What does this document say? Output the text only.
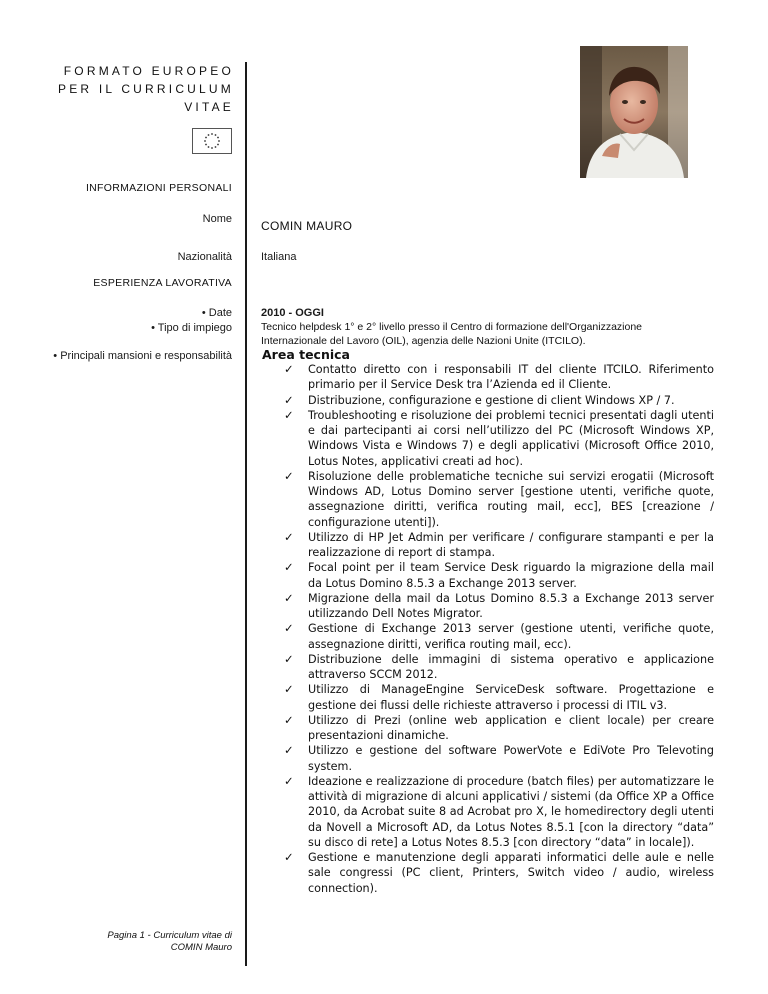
FORMATO EUROPEO
PER IL CURRICULUM
VITAE
INFORMAZIONI PERSONALI
Nome COMIN MAURO
Nazionalità	Italiana
ESPERIENZA LAVORATIVA
• Date
• Tipo di impiego
• Principali mansioni e responsabilità
2010 - OGGI
Tecnico helpdesk 1° e 2° livello presso il Centro di formazione dell'Organizzazione Internazionale del Lavoro (OIL), agenzia delle Nazioni Unite (ITCILO).
Area tecnica
✓ Contatto diretto con i responsabili IT del cliente ITCILO. Riferimento primario per il Service Desk tra l’Azienda ed il Cliente.
✓ Distribuzione, configurazione e gestione di client Windows XP / 7.
✓ Troubleshooting e risoluzione dei problemi tecnici presentati dagli utenti e dai partecipanti ai corsi nell’utilizzo del PC (Microsoft Windows XP, Windows Vista e Windows 7) e degli applicativi (Microsoft Office 2010, Lotus Notes, applicativi creati ad hoc).
✓ Risoluzione delle problematiche tecniche sui servizi erogatii (Microsoft Windows AD, Lotus Domino server [gestione utenti, verifiche quote, assegnazione diritti, verifica routing mail, ecc], BES [creazione / configurazione utenti]).
✓ Utilizzo di HP Jet Admin per verificare / configurare stampanti e per la realizzazione di report di stampa.
✓ Focal point per il team Service Desk riguardo la migrazione della mail da Lotus Domino 8.5.3 a Exchange 2013 server.
✓ Migrazione della mail da Lotus Domino 8.5.3 a Exchange 2013 server utilizzando Dell Notes Migrator.
✓ Gestione di Exchange 2013 server (gestione utenti, verifiche quote, assegnazione diritti, verifica routing mail, ecc).
✓ Distribuzione delle immagini di sistema operativo e applicazione attraverso SCCM 2012.
✓ Utilizzo di ManageEngine ServiceDesk software. Progettazione e gestione dei flussi delle richieste attraverso i processi di ITIL v3.
✓ Utilizzo di Prezi (online web application e client locale) per creare presentazioni dinamiche.
✓ Utilizzo e gestione del software PowerVote e EdiVote Pro Televoting system.
✓ Ideazione e realizzazione di procedure (batch files) per automatizzare le attività di migrazione di alcuni applicativi / sistemi (da Office XP a Office 2010, da Acrobat suite 8 ad Acrobat pro X, le homedirectory degli utenti da Novell a Microsoft AD, da Lotus Notes 8.5.1 [con la directory “data” su disco di rete] a Lotus Notes 8.5.3 [con directory “data” in locale]).
✓ Gestione e manutenzione degli apparati informatici delle aule e nelle sale congressi (PC client, Printers, Switch video / audio, wireless connection).
Pagina 1 - Curriculum vitae di
COMIN Mauro
